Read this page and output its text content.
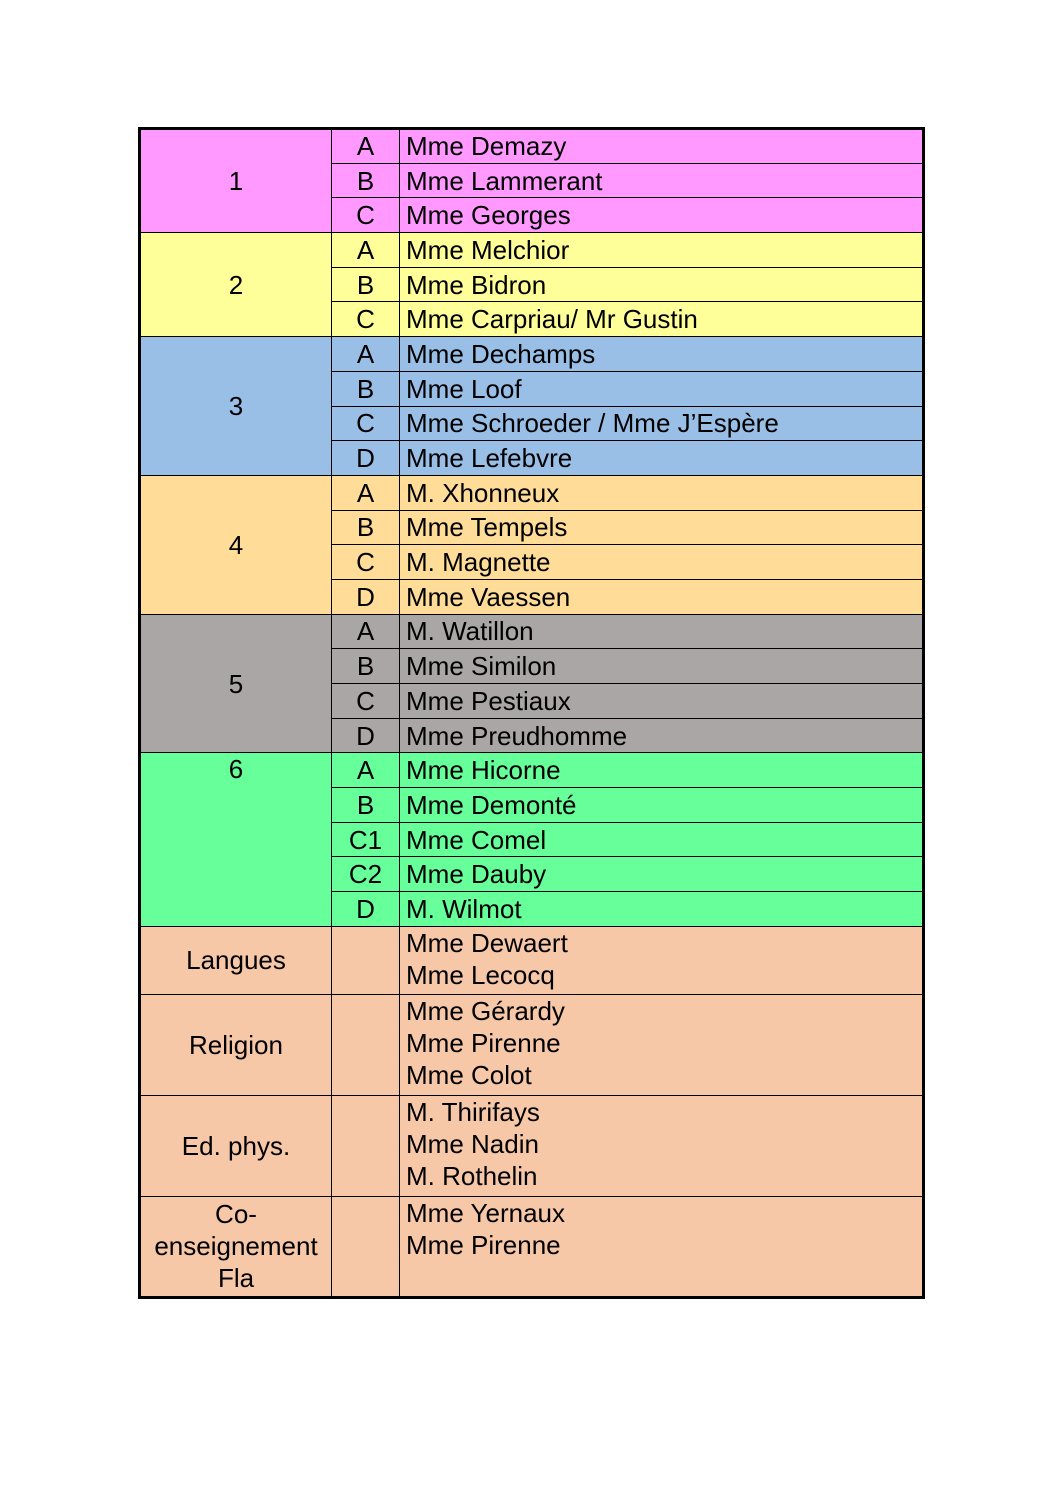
1	A	Mme Demazy
	B	Mme Lammerant
	C	Mme Georges
2	A	Mme Melchior
	B	Mme Bidron
	C	Mme Carpriau/ Mr Gustin
3	A	Mme Dechamps
	B	Mme Loof
	C	Mme Schroeder / Mme J’Espère
	D	Mme Lefebvre
4	A	M. Xhonneux
	B	Mme Tempels
	C	M. Magnette
	D	Mme Vaessen
5	A	M. Watillon
	B	Mme Similon
	C	Mme Pestiaux
	D	Mme Preudhomme
6	A	Mme Hicorne
	B	Mme Demonté
	C1	Mme Comel
	C2	Mme Dauby
	D	M. Wilmot

Langues		Mme Dewaert
Mme Lecocq

Religion		Mme Gérardy
Mme Pirenne
Mme Colot

Ed. phys.		M. Thirifays
Mme Nadin
M. Rothelin

Co-
enseignement
Fla		Mme Yernaux
Mme Pirenne
